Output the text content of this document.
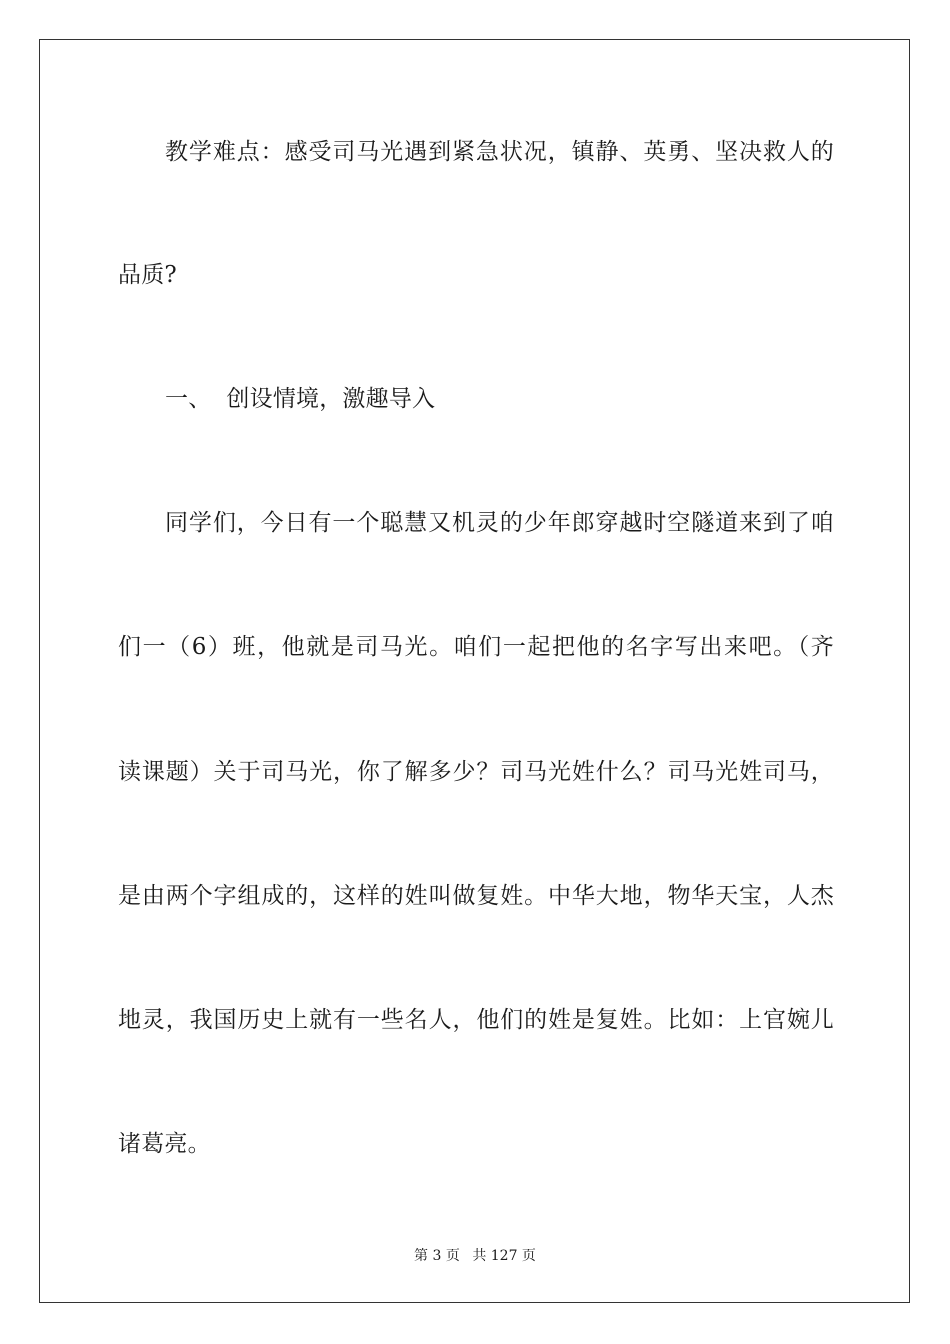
教学难点：感受司马光遇到紧急状况，镇静、英勇、坚决救人的
品质?
一、  创设情境，激趣导入
同学们，今日有一个聪慧又机灵的少年郎穿越时空隧道来到了咱
们一（6）班，他就是司马光。咱们一起把他的名字写出来吧。（齐
读课题）关于司马光，你了解多少？司马光姓什么？司马光姓司马，
是由两个字组成的，这样的姓叫做复姓。中华大地，物华天宝，人杰
地灵，我国历史上就有一些名人，他们的姓是复姓。比如：上官婉儿
诸葛亮。
第 3 页 共 127 页
